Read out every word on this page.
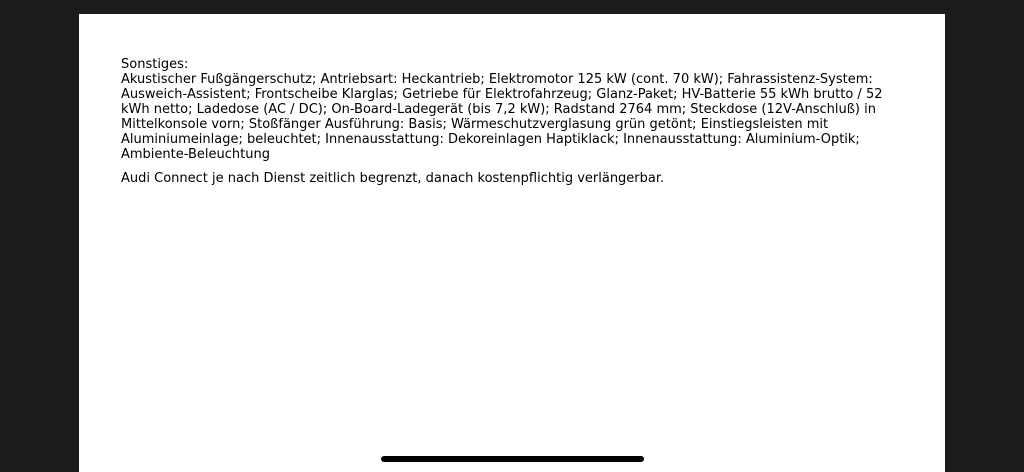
Sonstiges:

Akustischer Fußgängerschutz; Antriebsart: Heckantrieb; Elektromotor 125 kW (cont. 70 kW); Fahrassistenz-System: Ausweich-Assistent; Frontscheibe Klarglas; Getriebe für Elektrofahrzeug; Glanz-Paket; HV-Batterie 55 kWh brutto / 52 kWh netto; Ladedose (AC / DC); On-Board-Ladegerät (bis 7,2 kW); Radstand 2764 mm; Steckdose (12V-Anschluß) in Mittelkonsole vorn; Stoßfänger Ausführung: Basis; Wärmeschutzverglasung grün getönt; Einstiegsleisten mit Aluminiumeinlage; beleuchtet; Innenausstattung: Dekoreinlagen Haptiklack; Innenausstattung: Aluminium-Optik; Ambiente-Beleuchtung

Audi Connect je nach Dienst zeitlich begrenzt, danach kostenpflichtig verlängerbar.
